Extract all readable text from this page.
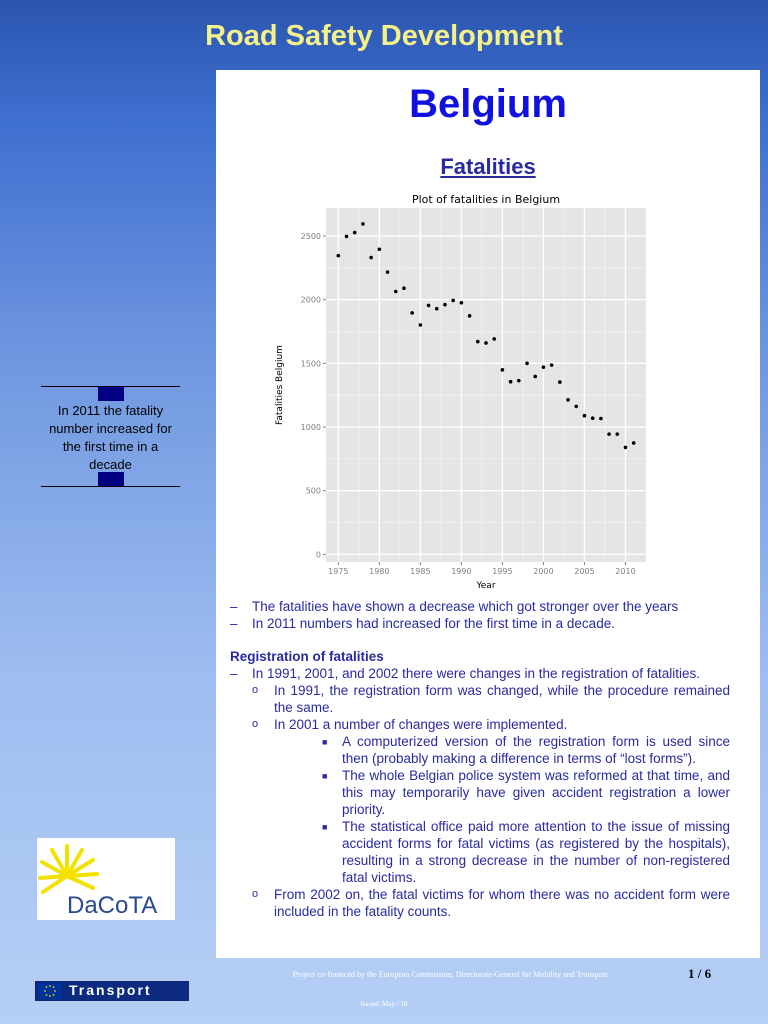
Road Safety Development
Belgium
Fatalities
Plot of fatalities in Belgium
1975	1980	1985	1990	1995	2000	2005	2010
0
500
1000
1500
2000
2500
Year
Fatalities Belgium
– The fatalities have shown a decrease which got stronger over the years
– In 2011 numbers had increased for the first time in a decade.
Registration of fatalities
– In 1991, 2001, and 2002 there were changes in the registration of fatalities.
o In 1991, the registration form was changed, while the procedure remained the same.
o In 2001 a number of changes were implemented.
■ A computerized version of the registration form is used since then (probably making a difference in terms of “lost forms”).
■ The whole Belgian police system was reformed at that time, and this may temporarily have given accident registration a lower priority.
■ The statistical office paid more attention to the issue of missing accident forms for fatal victims (as registered by the hospitals), resulting in a strong decrease in the number of non-registered fatal victims.
o From 2002 on, the fatal victims for whom there was no accident form were included in the fatality counts.
In 2011 the fatality number increased for the first time in a decade
DaCoTA
Transport
Project co-financed by the European Commission, Directorate-General for Mobility and Transport	1 / 6
Issued: May / 10
